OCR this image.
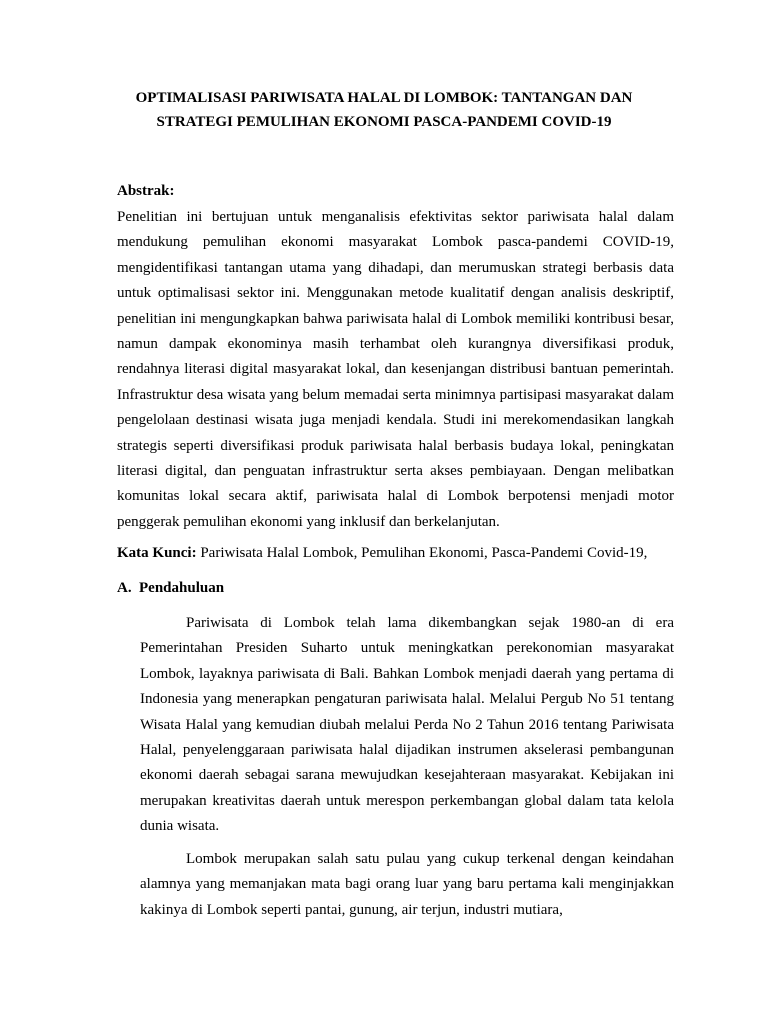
OPTIMALISASI PARIWISATA HALAL DI LOMBOK: TANTANGAN DAN
STRATEGI PEMULIHAN EKONOMI PASCA-PANDEMI COVID-19

Abstrak:

Penelitian ini bertujuan untuk menganalisis efektivitas sektor pariwisata halal dalam mendukung pemulihan ekonomi masyarakat Lombok pasca-pandemi COVID-19, mengidentifikasi tantangan utama yang dihadapi, dan merumuskan strategi berbasis data untuk optimalisasi sektor ini. Menggunakan metode kualitatif dengan analisis deskriptif, penelitian ini mengungkapkan bahwa pariwisata halal di Lombok memiliki kontribusi besar, namun dampak ekonominya masih terhambat oleh kurangnya diversifikasi produk, rendahnya literasi digital masyarakat lokal, dan kesenjangan distribusi bantuan pemerintah. Infrastruktur desa wisata yang belum memadai serta minimnya partisipasi masyarakat dalam pengelolaan destinasi wisata juga menjadi kendala. Studi ini merekomendasikan langkah strategis seperti diversifikasi produk pariwisata halal berbasis budaya lokal, peningkatan literasi digital, dan penguatan infrastruktur serta akses pembiayaan. Dengan melibatkan komunitas lokal secara aktif, pariwisata halal di Lombok berpotensi menjadi motor penggerak pemulihan ekonomi yang inklusif dan berkelanjutan.

Kata Kunci: Pariwisata Halal Lombok, Pemulihan Ekonomi, Pasca-Pandemi Covid-19,

A. Pendahuluan

Pariwisata di Lombok telah lama dikembangkan sejak 1980-an di era Pemerintahan Presiden Suharto untuk meningkatkan perekonomian masyarakat Lombok, layaknya pariwisata di Bali. Bahkan Lombok menjadi daerah yang pertama di Indonesia yang menerapkan pengaturan pariwisata halal. Melalui Pergub No 51 tentang Wisata Halal yang kemudian diubah melalui Perda No 2 Tahun 2016 tentang Pariwisata Halal, penyelenggaraan pariwisata halal dijadikan instrumen akselerasi pembangunan ekonomi daerah sebagai sarana mewujudkan kesejahteraan masyarakat. Kebijakan ini merupakan kreativitas daerah untuk merespon perkembangan global dalam tata kelola dunia wisata.

Lombok merupakan salah satu pulau yang cukup terkenal dengan keindahan alamnya yang memanjakan mata bagi orang luar yang baru pertama kali menginjakkan kakinya di Lombok seperti pantai, gunung, air terjun, industri mutiara,
